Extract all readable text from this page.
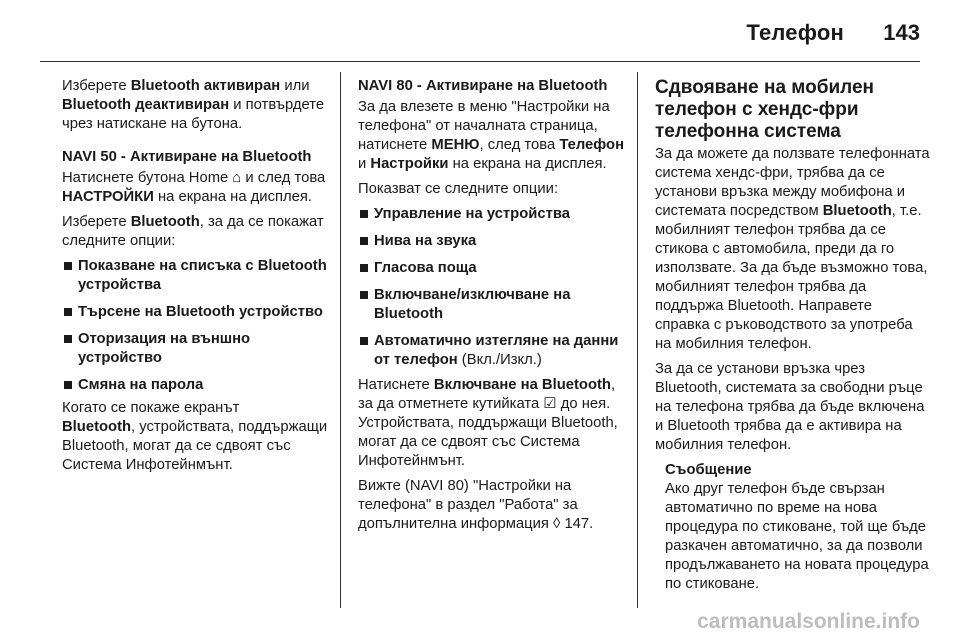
Телефон 143

Изберете Bluetooth активиран или
Bluetooth деактивиран и потвърдете чрез натискане на бутона.

NAVI 50 - Активиране на Bluetooth

Натиснете бутона Home ⌂ и след това НАСТРОЙКИ на екрана на дисплея.

Изберете Bluetooth, за да се покажат следните опции:

Показване на списъка с Bluetooth устройства
Търсене на Bluetooth устройство
Оторизация на външно устройство
Смяна на парола

Когато се покаже екранът
Bluetooth, устройствата, поддържащи Bluetooth, могат да се сдвоят със Система Инфотейнмънт.

NAVI 80 - Активиране на Bluetooth

За да влезете в меню "Настройки на телефона" от началната страница, натиснете МЕНЮ, след това Телефон и Настройки на екрана на дисплея.

Показват се следните опции:

Управление на устройства
Нива на звука
Гласова поща
Включване/изключване на Bluetooth
Автоматично изтегляне на данни от телефон (Вкл./Изкл.)

Натиснете Включване на Bluetooth, за да отметнете кутийката ☑ до нея. Устройствата, поддържащи Bluetooth, могат да се сдвоят със Система Инфотейнмънт.

Вижте (NAVI 80) "Настройки на телефона" в раздел "Работа" за допълнителна информация ◊ 147.

Сдвояване на мобилен телефон с хендс-фри телефонна система

За да можете да ползвате телефонната система хендс-фри, трябва да се установи връзка между мобифона и системата посредством Bluetooth, т.е. мобилният телефон трябва да се стикова с автомобила, преди да го използвате. За да бъде възможно това, мобилният телефон трябва да поддържа Bluetooth. Направете справка с ръководството за употреба на мобилния телефон.

За да се установи връзка чрез Bluetooth, системата за свободни ръце на телефона трябва да бъде включена и Bluetooth трябва да е активира на мобилния телефон.

Съобщение
Ако друг телефон бъде свързан автоматично по време на нова процедура по стиковане, той ще бъде разкачен автоматично, за да позволи продължаването на новата процедура по стиковане.
carmanualsonline.info
